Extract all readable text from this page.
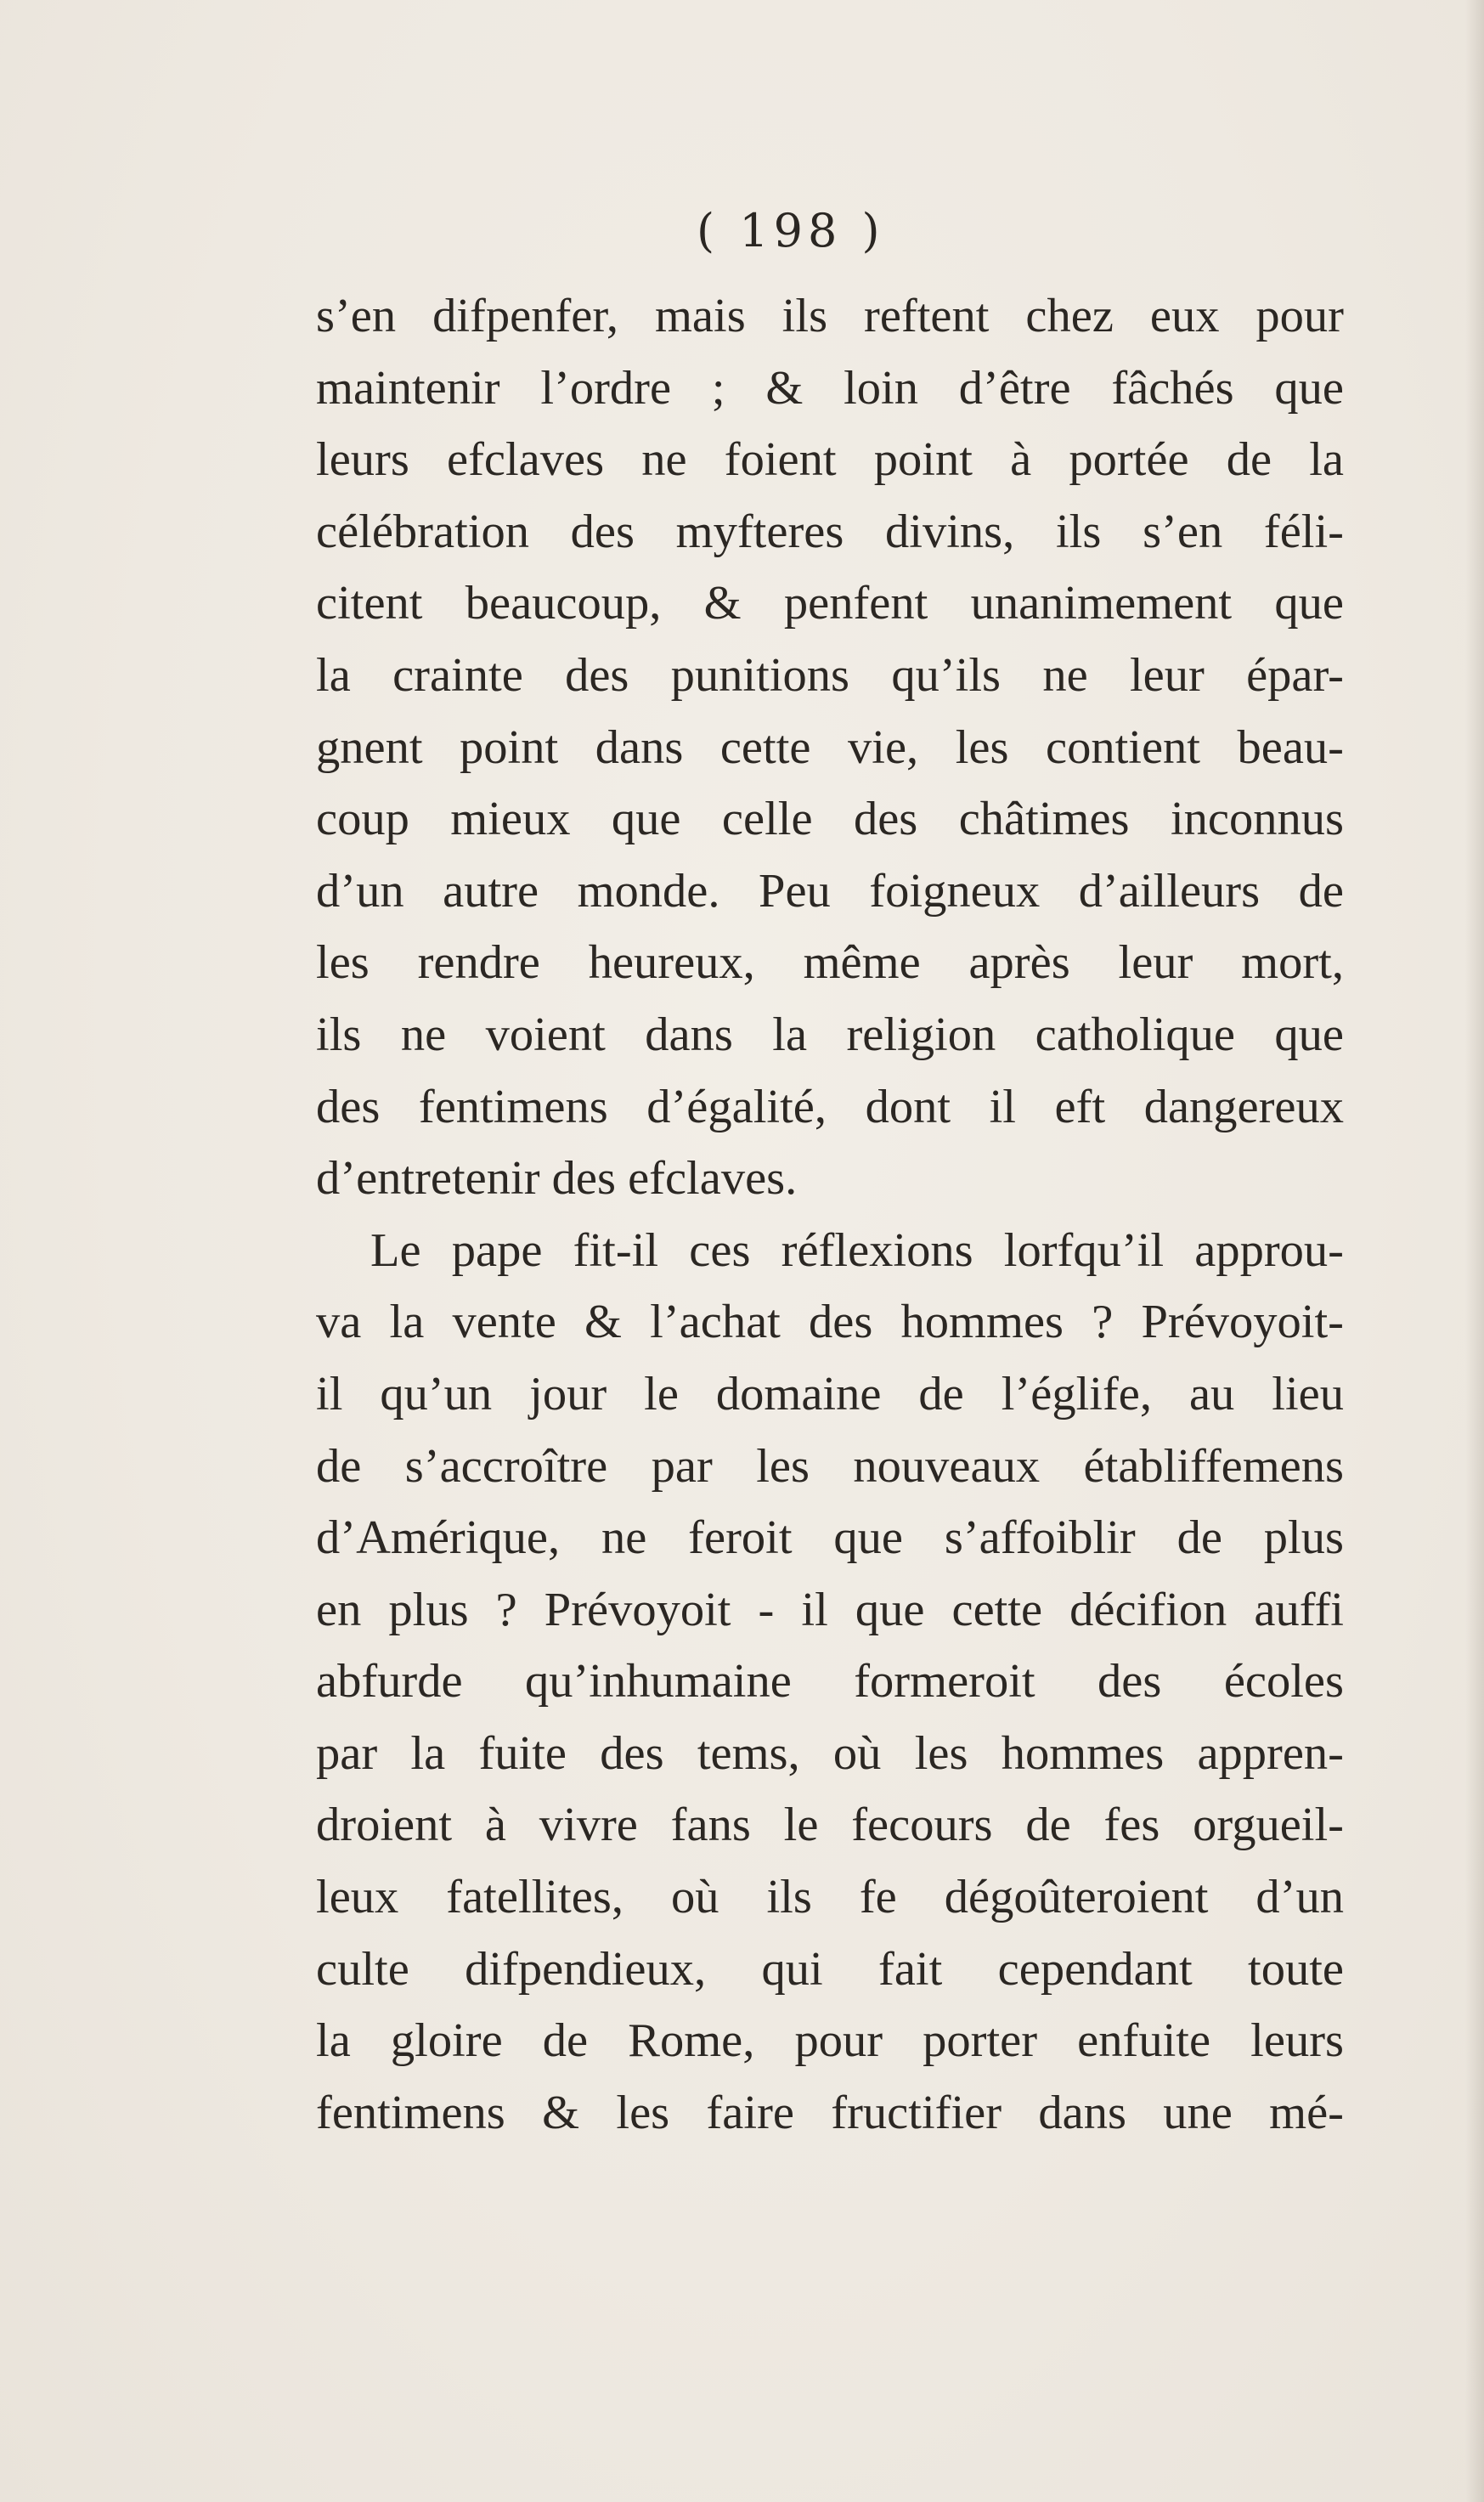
( 198 )
s’en difpenfer, mais ils reftent chez eux pour
maintenir l’ordre ; & loin d’être fâchés que
leurs efclaves ne foient point à portée de la
célébration des myfteres divins, ils s’en féli-
citent beaucoup, & penfent unanimement que
la crainte des punitions qu’ils ne leur épar-
gnent point dans cette vie, les contient beau-
coup mieux que celle des châtimes inconnus
d’un autre monde. Peu foigneux d’ailleurs de
les rendre heureux, même après leur mort,
ils ne voient dans la religion catholique que
des fentimens d’égalité, dont il eft dangereux
d’entretenir des efclaves.
Le pape fit-il ces réflexions lorfqu’il approu-
va la vente & l’achat des hommes ? Prévoyoit-
il qu’un jour le domaine de l’églife, au lieu
de s’accroître par les nouveaux établiffemens
d’Amérique, ne feroit que s’affoiblir de plus
en plus ? Prévoyoit - il que cette décifion auffi
abfurde qu’inhumaine formeroit des écoles
par la fuite des tems, où les hommes appren-
droient à vivre fans le fecours de fes orgueil-
leux fatellites, où ils fe dégoûteroient d’un
culte difpendieux, qui fait cependant toute
la gloire de Rome, pour porter enfuite leurs
fentimens & les faire fructifier dans une mé-
